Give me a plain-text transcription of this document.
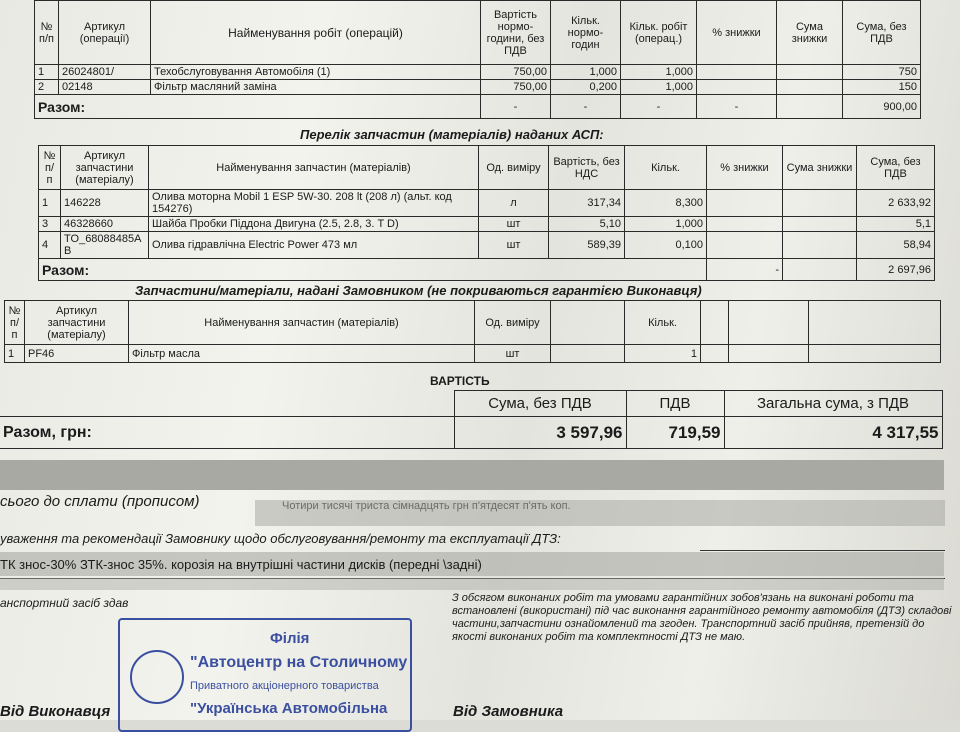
№ п/п	Артикул (операції)	Найменування робіт (операцій)	Вартість нормо-години, без ПДВ	Кільк. нормо-годин	Кільк. робіт (операц.)	% знижки	Сума знижки	Сума, без ПДВ
1	26024801/	Техобслуговування Автомобіля (1)	750,00	1,000	1,000			750
2	02148	Фільтр масляний заміна	750,00	0,200	1,000			150
Разом:			-	-	-	-		900,00
Перелік запчастин (матеріалів) наданих АСП:
№ п/ п	Артикул запчастини (матеріалу)	Найменування запчастин (матеріалів)	Од. виміру	Вартість, без НДС	Кільк.	% знижки	Сума знижки	Сума, без ПДВ
1	146228	Олива моторна Mobil 1 ESP 5W-30. 208 lt (208 л) (альт. код 154276)	л	317,34	8,300			2 633,92
3	46328660	Шайба Пробки Піддона Двигуна (2.5, 2.8, 3. T D)	шт	5,10	1,000			5,1
4	TO_68088485AB	Олива гідравлічна Electric Power 473 мл	шт	589,39	0,100			58,94
Разом:						-		2 697,96
Запчастини/матеріали, надані Замовником (не покриваються гарантією Виконавця)
№ п/ п	Артикул запчастини (матеріалу)	Найменування запчастин (матеріалів)	Од. виміру		Кільк.			
1	PF46	Фільтр масла	шт		1			
ВАРТІСТЬ
	Сума, без ПДВ	ПДВ	Загальна сума, з ПДВ
Разом, грн:	3 597,96	719,59	4 317,55
сього до сплати (прописом)
уваження та рекомендації Замовнику щодо обслуговування/ремонту та експлуатації ДТЗ:
ТК знос-30% ЗТК-знос 35%. корозія на внутрішні частини дисків (передні \задні)
анспортний засіб здав	З обсягом виконаних робіт та умовами гарантійних зобов'язань на виконані роботи та встановлені (використані) під час виконання гарантійного ремонту автомобіля (ДТЗ) складові частини,запчастини ознайомлений та згоден. Транспортний засіб прийняв, претензій до якості виконаних робіт та комплектності ДТЗ не маю.
Філія
"Автоцентр на Столичному
Приватного акціонерного товариства
"Українська Автомобільна
Від Виконавця	Від Замовника
